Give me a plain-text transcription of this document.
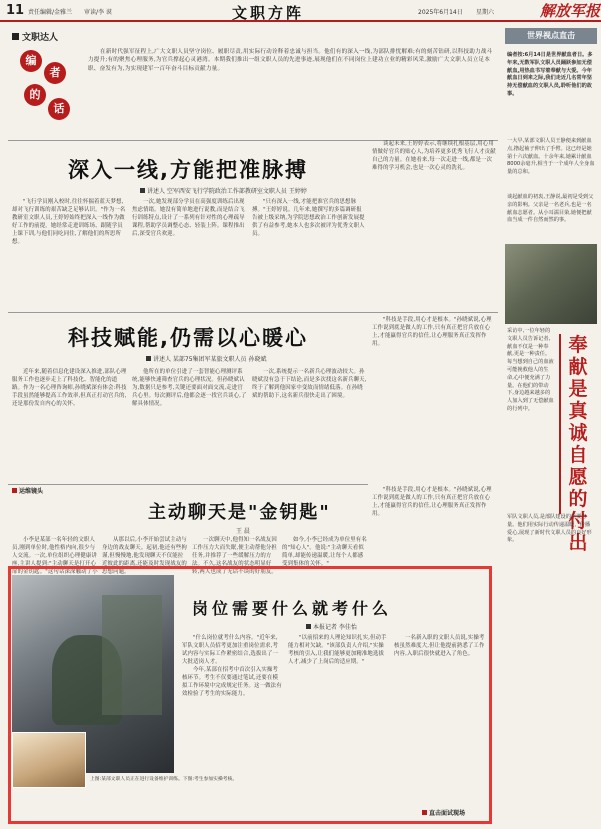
11 责任编辑/金雅兰 审读/李 谟	文职方阵	2025年6月14日 星期六	解放军报
文职达人
编
者
的
话
在新时代强军征程上,广大文职人员坚守岗位、履职尽责,用实际行动诠释着忠诚与担当。他们有的深入一线,为部队排忧解难;有的刻苦钻研,以科技助力战斗力提升;有的聚焦心理服务,为官兵撑起心灵港湾。本期我们推出一组文职人员的先进事迹,展现他们在不同岗位上建功立业的精彩风采,激励广大文职人员立足本职、奋发有为,为实现建军一百年奋斗目标贡献力量。
深入一线,方能把准脉搏
讲述人 空军西安飞行学院政治工作部教研室文职人员 王婷婷

"飞行学员刚入校时,往往怀揣着蓝天梦想,却对飞行训练的艰苦缺乏足够认识。"作为一名教研室文职人员,王婷婷始终把深入一线作为做好工作的前提。她经常走进训练场、跟随学员上课下训,与他们同吃同住,了解他们的所思所想。

一次,她发现部分学员在高强度训练后出现焦虑情绪。她没有简单地进行说教,而是结合飞行训练特点,设计了一系列有针对性的心理疏导课程,帮助学员调整心态、轻装上阵。课程推出后,深受官兵欢迎。

"只有深入一线,才能把准官兵的思想脉搏。"王婷婷说。几年来,她撰写的多篇调研报告被上级采纳,为学院思想政治工作创新发展提供了有益参考,她本人也多次被评为优秀文职人员。

谈起未来,王婷婷表示,将继续扎根基层,用心用情做好官兵的贴心人,为培养更多优秀飞行人才贡献自己的力量。在她看来,每一次走进一线,都是一次难得的学习机会,也是一次心灵的洗礼。

科技赋能,仍需以心暖心
讲述人 某部75集团军某旅文职人员 孙晓斌

近年来,随着信息化建设深入推进,部队心理服务工作也逐步走上了科技化、智能化的道路。作为一名心理咨询师,孙晓斌深有体会:科技手段虽然能够提高工作效率,但真正打动官兵的,还是那份发自内心的关怀。

他所在的单位引进了一套智能心理测评系统,能够快速筛查官兵的心理状况。但孙晓斌认为,数据只是参考,关键还要面对面交流,走进官兵心里。每次测评后,他都会逐一找官兵谈心,了解具体情况。

一次,系统提示一名新兵心理波动较大。孙晓斌没有急于下结论,而是多次找这名新兵聊天,终于了解到他因家中变故而情绪低落。在孙晓斌的帮助下,这名新兵很快走出了困境。

"科技是手段,用心才是根本。"孙晓斌说,心理工作说到底是做人的工作,只有真正把官兵放在心上,才能赢得官兵的信任,让心理服务真正发挥作用。

运维镜头
主动聊天是"金钥匙"
王 晨

小李是某部一名年轻的文职人员,刚到单位时,他性格内向,很少与人交流。一次,单位组织心理健康讲座,主讲人提到:"主动聊天是打开心扉的金钥匙。"这句话深深触动了小

从那以后,小李开始尝试主动与身边的战友聊天。起初,他还有些拘谨,但慢慢地,他发现聊天不仅能拉近彼此的距离,还能及时发现战友的思想问题。

一次聊天中,他得知一名战友因工作压力大而失眠,便主动帮他分担任务,并推荐了一些缓解压力的方法。不久,这名战友的状态明显好转,两人也成了无话不谈的好朋友。

如今,小李已经成为单位里有名的"知心人"。他说:"主动聊天看似简单,却能传递温暖,让每个人都感受到集体的关怀。"

"科技是手段,用心才是根本。"孙晓斌说,心理工作说到底是做人的工作,只有真正把官兵放在心上,才能赢得官兵的信任,让心理服务真正发挥作用。

上图:某部文职人员正在进行设备维护训练。下图:考生参加实操考核。
岗位需要什么就考什么
本报记者 李佳怡

"什么岗位就考什么内容。"近年来,军队文职人员招考更加注重岗位需求,考试内容与实际工作紧密结合,选拔出了一大批适岗人才。

今年,某部在招考中首次引入实操考核环节。考生不仅要通过笔试,还要在模拟工作环境中完成规定任务。这一做法有效检验了考生的实际能力。

"以前招来的人理论知识扎实,但动手能力相对欠缺。"该部负责人介绍,"实操考核的引入,让我们能够更加精准地选拔人才,减少了上岗后的适应期。"

一名新入职的文职人员说,实操考核虽然难度大,但让他提前熟悉了工作内容,入职后很快就进入了角色。

直击面试现场
世界视点直击
编者按:6月14日是世界献血者日。多年来,无数军队文职人员踊跃参加无偿献血,用热血书写着奉献与大爱。今年献血日到来之际,我们走近几名常年坚持无偿献血的文职人员,聆听他们的故事。
一大早,某部文职人员王静便来到献血点,撸起袖子伸出了手臂。这已经是她第十六次献血。十余年来,她累计献血8000余毫升,相当于一个成年人全身血量的总和。
谈起献血的初衷,王静说,最初是受到父亲的影响。父亲是一名老兵,也是一名献血志愿者。从小耳濡目染,她便把献血当成一件自然而然的事。
采访中,一位年轻的文职人员告诉记者,献血不仅是一种奉献,更是一种责任。每当想到自己的血液可能挽救他人的生命,心中便充满了力量。在他们的带动下,身边越来越多的人加入到了无偿献血的行列中。
奉献是真诚自愿的付出
军队文职人员,是部队建设的重要力量。他们用实际行动传递温暖、传播爱心,展现了新时代文职人员的良好形象。
